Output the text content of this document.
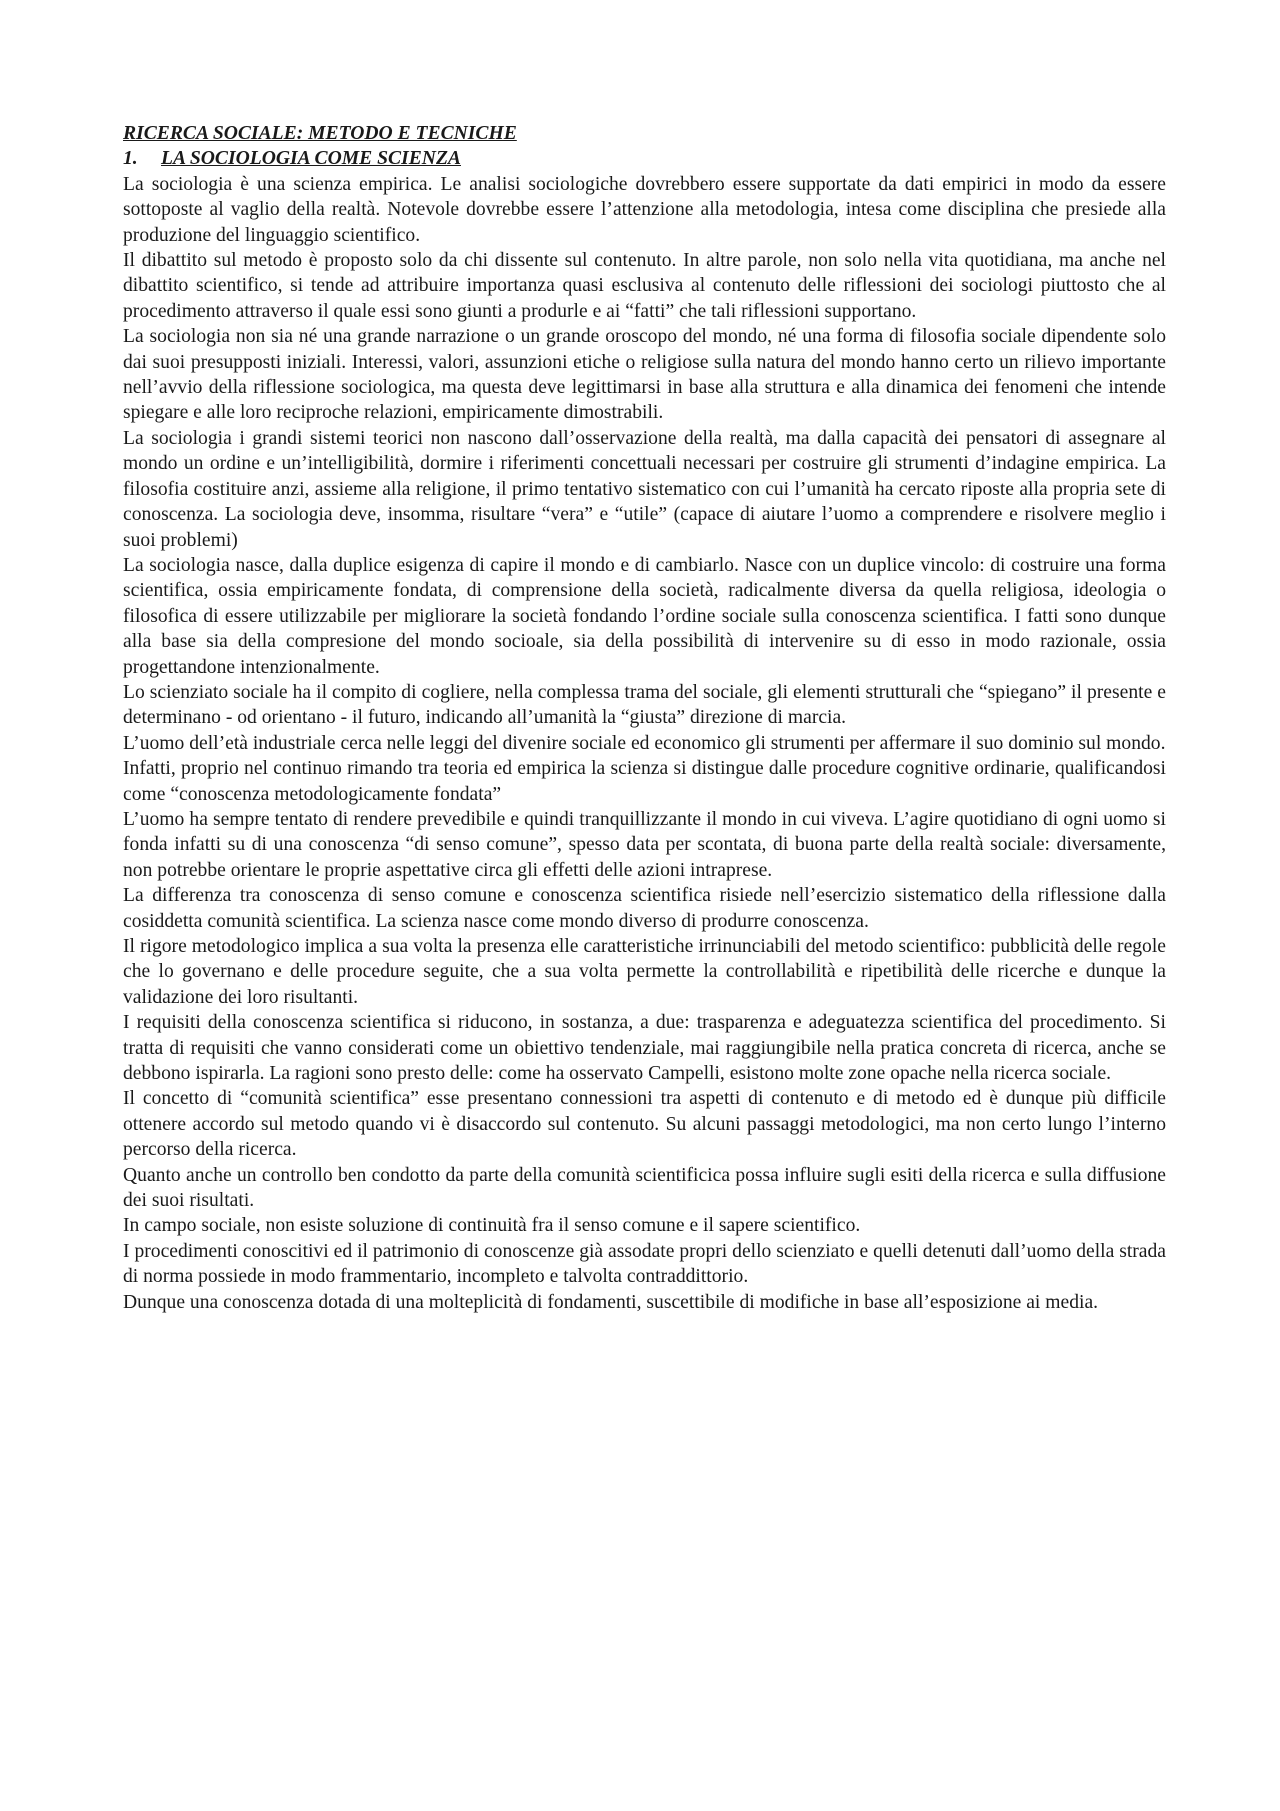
RICERCA SOCIALE: METODO E TECNICHE
1.	LA SOCIOLOGIA COME SCIENZA

La sociologia è una scienza empirica. Le analisi sociologiche dovrebbero essere supportate da dati empirici in modo da essere sottoposte al vaglio della realtà. Notevole dovrebbe essere l’attenzione alla metodologia, intesa come disciplina che presiede alla produzione del linguaggio scientifico.

Il dibattito sul metodo è proposto solo da chi dissente sul contenuto. In altre parole, non solo nella vita quotidiana, ma anche nel dibattito scientifico, si tende ad attribuire importanza quasi esclusiva al contenuto delle riflessioni dei sociologi piuttosto che al procedimento attraverso il quale essi sono giunti a produrle e ai “fatti” che tali riflessioni supportano.

La sociologia non sia né una grande narrazione o un grande oroscopo del mondo, né una forma di filosofia sociale dipendente solo dai suoi presupposti iniziali. Interessi, valori, assunzioni etiche o religiose sulla natura del mondo hanno certo un rilievo importante nell’avvio della riflessione sociologica, ma questa deve legittimarsi in base alla struttura e alla dinamica dei fenomeni che intende spiegare e alle loro reciproche relazioni, empiricamente dimostrabili.

La sociologia i grandi sistemi teorici non nascono dall’osservazione della realtà, ma dalla capacità dei pensatori di assegnare al mondo un ordine e un’intelligibilità, dormire i riferimenti concettuali necessari per costruire gli strumenti d’indagine empirica. La filosofia costituire anzi, assieme alla religione, il primo tentativo sistematico con cui l’umanità ha cercato riposte alla propria sete di conoscenza. La sociologia deve, insomma, risultare “vera” e “utile” (capace di aiutare l’uomo a comprendere e risolvere meglio i suoi problemi)

La sociologia nasce, dalla duplice esigenza di capire il mondo e di cambiarlo. Nasce con un duplice vincolo: di costruire una forma scientifica, ossia empiricamente fondata, di comprensione della società, radicalmente diversa da quella religiosa, ideologia o filosofica di essere utilizzabile per migliorare la società fondando l’ordine sociale sulla conoscenza scientifica. I fatti sono dunque alla base sia della compresione del mondo socioale, sia della possibilità di intervenire su di esso in modo razionale, ossia progettandone intenzionalmente.

Lo scienziato sociale ha il compito di cogliere, nella complessa trama del sociale, gli elementi strutturali che “spiegano” il presente e determinano - od orientano - il futuro, indicando all’umanità la “giusta” direzione di marcia.

L’uomo dell’età industriale cerca nelle leggi del divenire sociale ed economico gli strumenti per affermare il suo dominio sul mondo.

Infatti, proprio nel continuo rimando tra teoria ed empirica la scienza si distingue dalle procedure cognitive ordinarie, qualificandosi come “conoscenza metodologicamente fondata”

L’uomo ha sempre tentato di rendere prevedibile e quindi tranquillizzante il mondo in cui viveva. L’agire quotidiano di ogni uomo si fonda infatti su di una conoscenza “di senso comune”, spesso data per scontata, di buona parte della realtà sociale: diversamente, non potrebbe orientare le proprie aspettative circa gli effetti delle azioni intraprese.

La differenza tra conoscenza di senso comune e conoscenza scientifica risiede nell’esercizio sistematico della riflessione dalla cosiddetta comunità scientifica. La scienza nasce come mondo diverso di produrre conoscenza.

Il rigore metodologico implica a sua volta la presenza elle caratteristiche irrinunciabili del metodo scientifico: pubblicità delle regole che lo governano e delle procedure seguite, che a sua volta permette la controllabilità e ripetibilità delle ricerche e dunque la validazione dei loro risultanti.

I requisiti della conoscenza scientifica si riducono, in sostanza, a due: trasparenza e adeguatezza scientifica del procedimento. Si tratta di requisiti che vanno considerati come un obiettivo tendenziale, mai raggiungibile nella pratica concreta di ricerca, anche se debbono ispirarla. La ragioni sono presto delle: come ha osservato Campelli, esistono molte zone opache nella ricerca sociale.

Il concetto di “comunità scientifica” esse presentano connessioni tra aspetti di contenuto e di metodo ed è dunque più difficile ottenere accordo sul metodo quando vi è disaccordo sul contenuto. Su alcuni passaggi metodologici, ma non certo lungo l’interno percorso della ricerca.

Quanto anche un controllo ben condotto da parte della comunità scientificica possa influire sugli esiti della ricerca e sulla diffusione dei suoi risultati.

In campo sociale, non esiste soluzione di continuità fra il senso comune e il sapere scientifico.

I procedimenti conoscitivi ed il patrimonio di conoscenze già assodate propri dello scienziato e quelli detenuti dall’uomo della strada di norma possiede in modo frammentario, incompleto e talvolta contraddittorio.

Dunque una conoscenza dotada di una molteplicità di fondamenti, suscettibile di modifiche in base all’esposizione ai media.
